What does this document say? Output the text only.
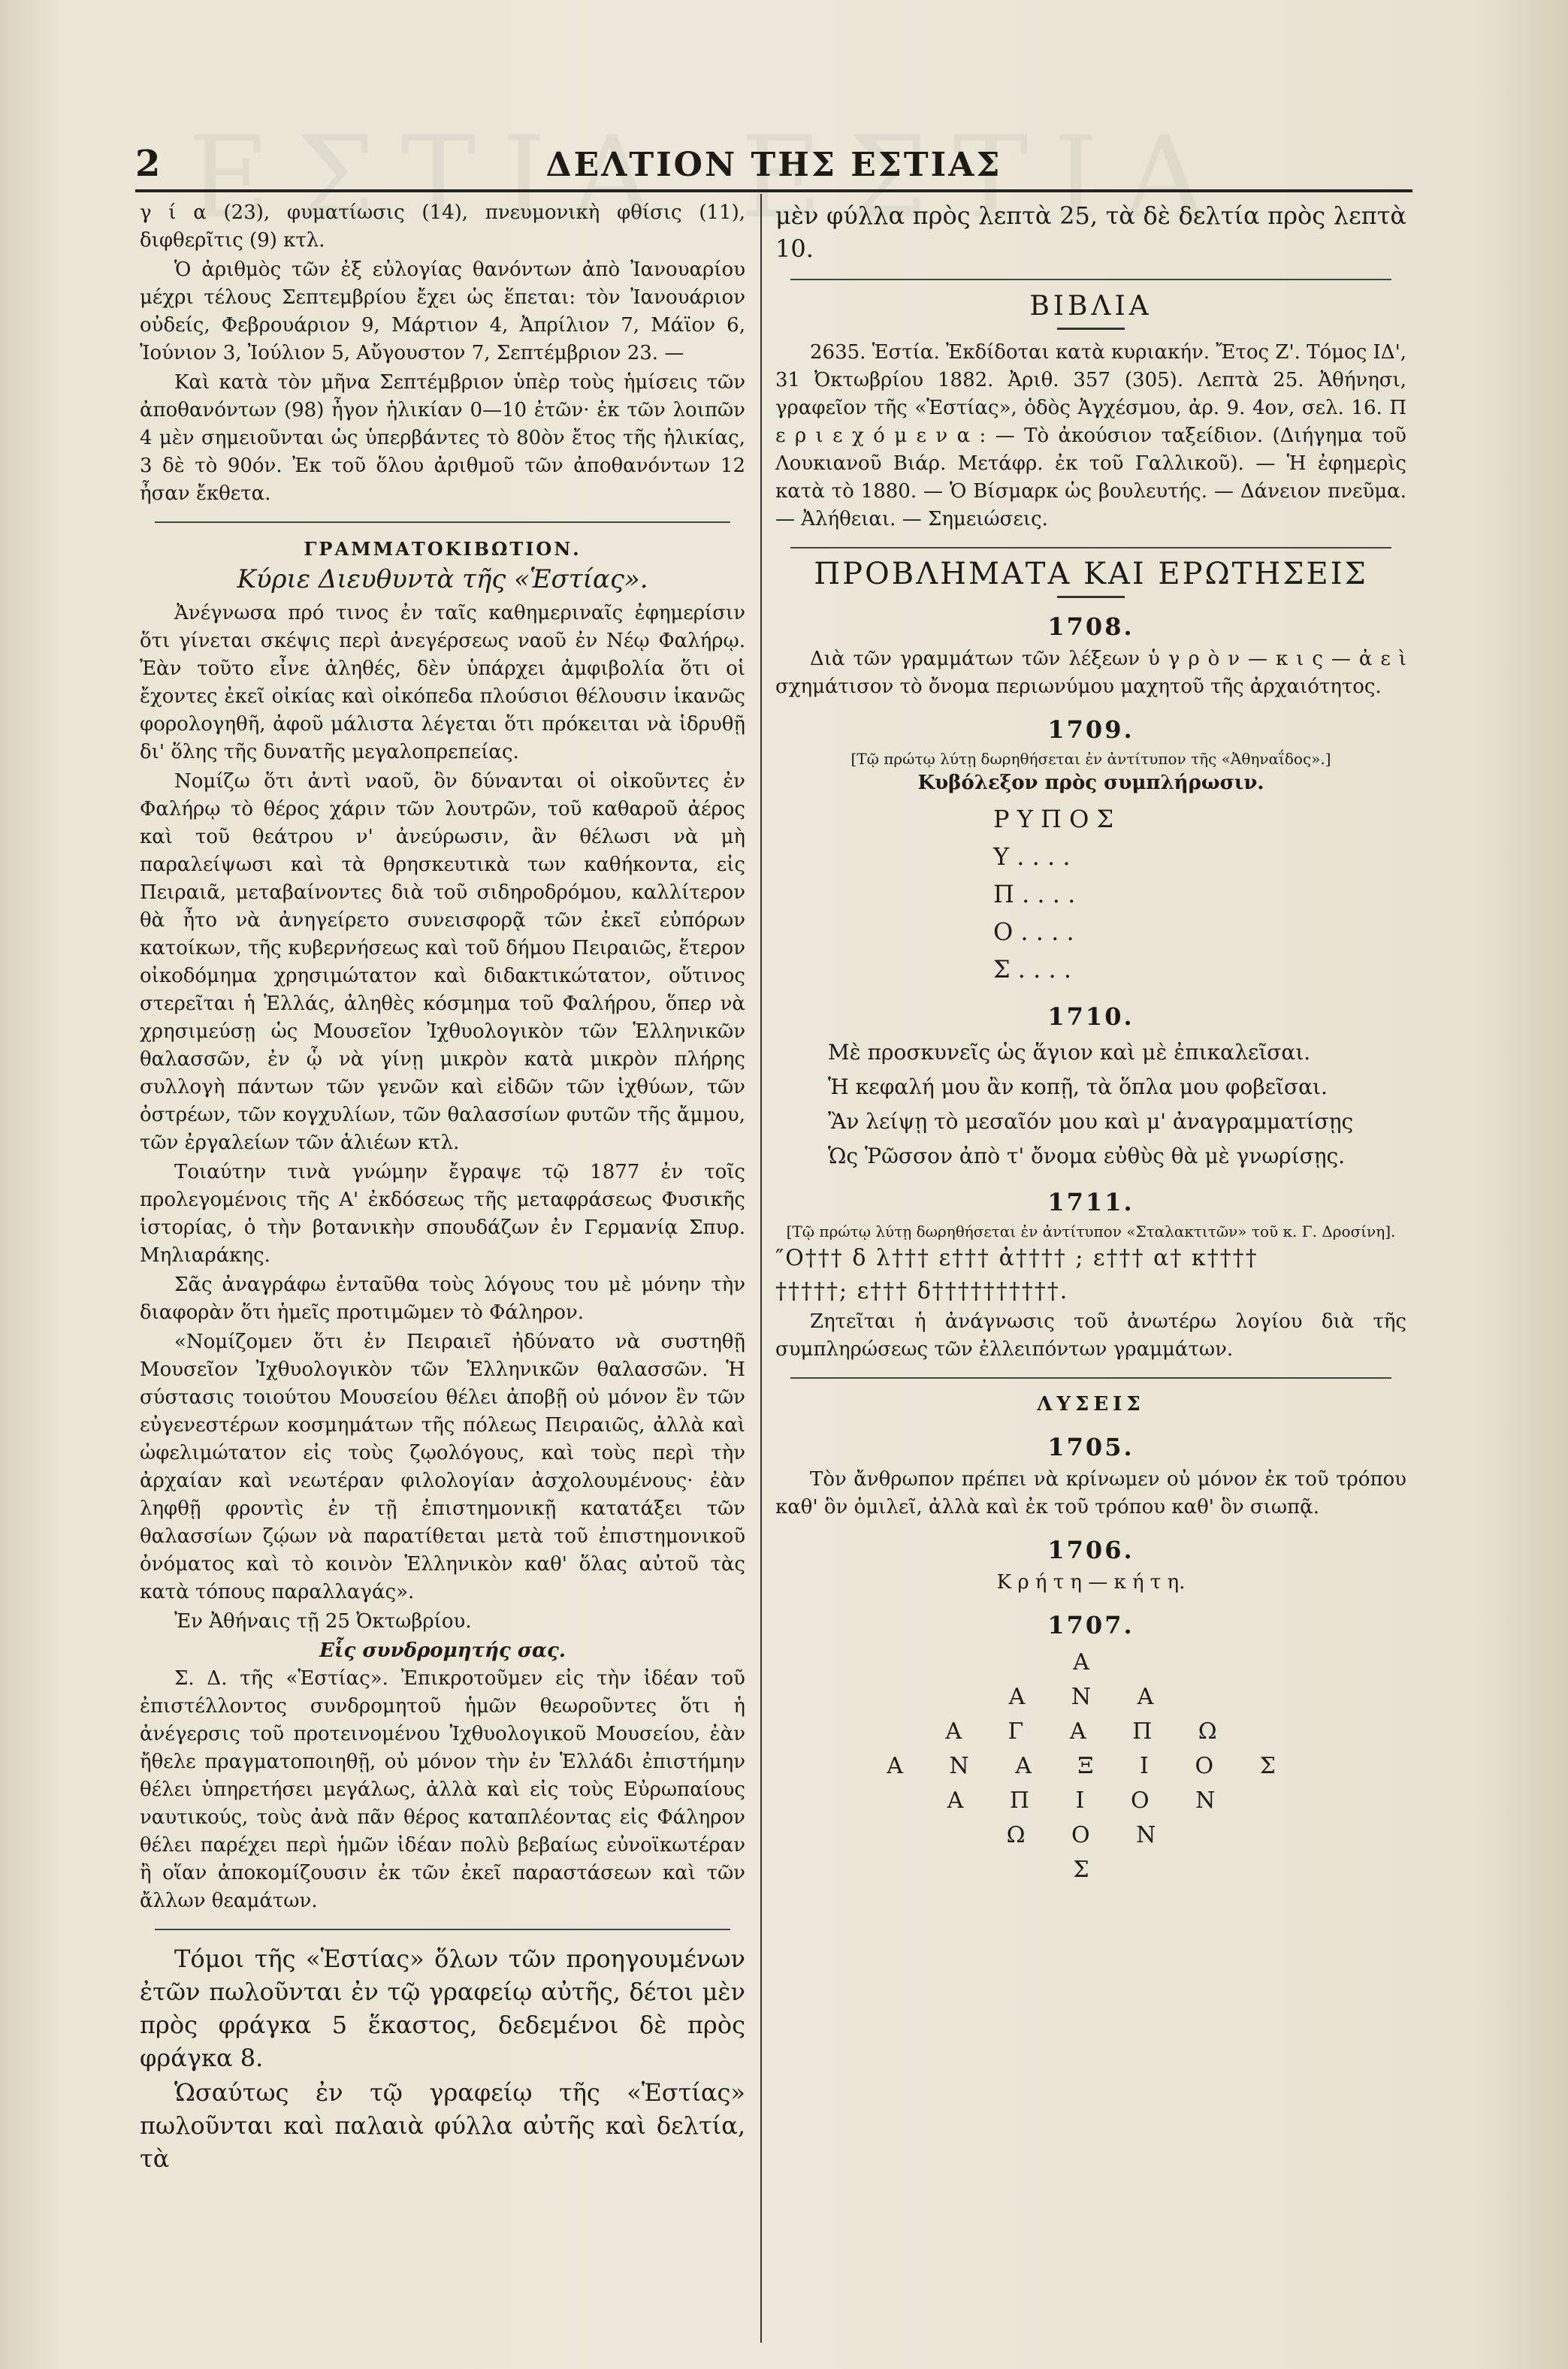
2	ΔΕΛΤΙΟΝ ΤΗΣ ΕΣΤΙΑΣ

γ ί α (23), φυματίωσις (14), πνευμονικὴ φθίσις (11), διφθερῖτις (9) κτλ.

Ὁ ἀριθμὸς τῶν ἐξ εὐλογίας θανόντων ἀπὸ Ἰανουαρίου μέχρι τέλους Σεπτεμβρίου ἔχει ὡς ἕπεται: τὸν Ἰανουάριον οὐδείς, Φεβρουάριον 9, Μάρτιον 4, Ἀπρίλιον 7, Μάϊον 6, Ἰούνιον 3, Ἰούλιον 5, Αὔγουστον 7, Σεπτέμβριον 23. —

Καὶ κατὰ τὸν μῆνα Σεπτέμβριον ὑπὲρ τοὺς ἡμίσεις τῶν ἀποθανόντων (98) ἦγον ἡλικίαν 0—10 ἐτῶν· ἐκ τῶν λοιπῶν 4 μὲν σημειοῦνται ὡς ὑπερβάντες τὸ 80ὸν ἔτος τῆς ἡλικίας, 3 δὲ τὸ 90όν. Ἐκ τοῦ ὅλου ἀριθμοῦ τῶν ἀποθανόντων 12 ἦσαν ἔκθετα.

ΓΡΑΜΜΑΤΟΚΙΒΩΤΙΟΝ.
Κύριε Διευθυντὰ τῆς «Ἑστίας».

Ἀνέγνωσα πρό τινος ἐν ταῖς καθημεριναῖς ἐφημερίσιν ὅτι γίνεται σκέψις περὶ ἀνεγέρσεως ναοῦ ἐν Νέῳ Φαλήρῳ. Ἐὰν τοῦτο εἶνε ἀληθές, δὲν ὑπάρχει ἀμφιβολία ὅτι οἱ ἔχοντες ἐκεῖ οἰκίας καὶ οἰκόπεδα πλούσιοι θέλουσιν ἱκανῶς φορολογηθῆ, ἀφοῦ μάλιστα λέγεται ὅτι πρόκειται νὰ ἱδρυθῇ δι' ὅλης τῆς δυνατῆς μεγαλοπρεπείας.

Νομίζω ὅτι ἀντὶ ναοῦ, ὃν δύνανται οἱ οἰκοῦντες ἐν Φαλήρῳ τὸ θέρος χάριν τῶν λουτρῶν, τοῦ καθαροῦ ἀέρος καὶ τοῦ θεάτρου ν' ἀνεύρωσιν, ἂν θέλωσι νὰ μὴ παραλείψωσι καὶ τὰ θρησκευτικὰ των καθήκοντα, εἰς Πειραιᾶ, μεταβαίνοντες διὰ τοῦ σιδηροδρόμου, καλλίτερον θὰ ἦτο νὰ ἀνηγείρετο συνεισφορᾷ τῶν ἐκεῖ εὐπόρων κατοίκων, τῆς κυβερνήσεως καὶ τοῦ δήμου Πειραιῶς, ἕτερον οἰκοδόμημα χρησιμώτατον καὶ διδακτικώτατον, οὕτινος στερεῖται ἡ Ἑλλάς, ἀληθὲς κόσμημα τοῦ Φαλήρου, ὅπερ νὰ χρησιμεύσῃ ὡς Μουσεῖον Ἰχθυολογικὸν τῶν Ἑλληνικῶν θαλασσῶν, ἐν ᾧ νὰ γίνῃ μικρὸν κατὰ μικρὸν πλήρης συλλογὴ πάντων τῶν γενῶν καὶ εἰδῶν τῶν ἰχθύων, τῶν ὀστρέων, τῶν κογχυλίων, τῶν θαλασσίων φυτῶν τῆς ἄμμου, τῶν ἐργαλείων τῶν ἁλιέων κτλ.

Τοιαύτην τινὰ γνώμην ἔγραψε τῷ 1877 ἐν τοῖς προλεγομένοις τῆς Α' ἐκδόσεως τῆς μεταφράσεως Φυσικῆς ἱστορίας, ὁ τὴν βοτανικὴν σπουδάζων ἐν Γερμανίᾳ Σπυρ. Μηλιαράκης.

Σᾶς ἀναγράφω ἐνταῦθα τοὺς λόγους του μὲ μόνην τὴν διαφορὰν ὅτι ἡμεῖς προτιμῶμεν τὸ Φάληρον.

«Νομίζομεν ὅτι ἐν Πειραιεῖ ἠδύνατο νὰ συστηθῇ Μουσεῖον Ἰχθυολογικὸν τῶν Ἑλληνικῶν θαλασσῶν. Ἡ σύστασις τοιούτου Μουσείου θέλει ἀποβῇ οὐ μόνον ἓν τῶν εὐγενεστέρων κοσμημάτων τῆς πόλεως Πειραιῶς, ἀλλὰ καὶ ὠφελιμώτατον εἰς τοὺς ζῳολόγους, καὶ τοὺς περὶ τὴν ἀρχαίαν καὶ νεωτέραν φιλολογίαν ἀσχολουμένους· ἐὰν ληφθῇ φροντὶς ἐν τῇ ἐπιστημονικῇ κατατάξει τῶν θαλασσίων ζῴων νὰ παρατίθεται μετὰ τοῦ ἐπιστημονικοῦ ὀνόματος καὶ τὸ κοινὸν Ἑλληνικὸν καθ' ὅλας αὐτοῦ τὰς κατὰ τόπους παραλλαγάς».

Ἐν Ἀθήναις τῇ 25 Ὀκτωβρίου.

Εἷς συνδρομητής σας.

Σ. Δ. τῆς «Ἑστίας». Ἐπικροτοῦμεν εἰς τὴν ἰδέαν τοῦ ἐπιστέλλοντος συνδρομητοῦ ἡμῶν θεωροῦντες ὅτι ἡ ἀνέγερσις τοῦ προτεινομένου Ἰχθυολογικοῦ Μουσείου, ἐὰν ἤθελε πραγματοποιηθῇ, οὐ μόνον τὴν ἐν Ἑλλάδι ἐπιστήμην θέλει ὑπηρετήσει μεγάλως, ἀλλὰ καὶ εἰς τοὺς Εὐρωπαίους ναυτικούς, τοὺς ἀνὰ πᾶν θέρος καταπλέοντας εἰς Φάληρον θέλει παρέχει περὶ ἡμῶν ἰδέαν πολὺ βεβαίως εὐνοϊκωτέραν ἢ οἵαν ἀποκομίζουσιν ἐκ τῶν ἐκεῖ παραστάσεων καὶ τῶν ἄλλων θεαμάτων.

Τόμοι τῆς «Ἑστίας» ὅλων τῶν προηγουμένων ἐτῶν πωλοῦνται ἐν τῷ γραφείῳ αὐτῆς, δέτοι μὲν πρὸς φράγκα 5 ἕκαστος, δεδεμένοι δὲ πρὸς φράγκα 8.

Ὡσαύτως ἐν τῷ γραφείῳ τῆς «Ἑστίας» πωλοῦνται καὶ παλαιὰ φύλλα αὐτῆς καὶ δελτία, τὰ

μὲν φύλλα πρὸς λεπτὰ 25, τὰ δὲ δελτία πρὸς λεπτὰ 10.

ΒΙΒΛΙΑ

2635. Ἑστία. Ἐκδίδοται κατὰ κυριακήν. Ἔτος Ζ'. Τόμος ΙΔ', 31 Ὀκτωβρίου 1882. Ἀριθ. 357 (305). Λεπτὰ 25. Ἀθήνησι, γραφεῖον τῆς «Ἑστίας», ὁδὸς Ἀγχέσμου, ἀρ. 9. 4ον, σελ. 16. Π ε ρ ι ε χ ό μ ε ν α : — Τὸ ἀκούσιον ταξείδιον. (Διήγημα τοῦ Λουκιανοῦ Βιάρ. Μετάφρ. ἐκ τοῦ Γαλλικοῦ). — Ἡ ἐφημερὶς κατὰ τὸ 1880. — Ὁ Βίσμαρκ ὡς βουλευτής. — Δάνειον πνεῦμα. — Ἀλήθειαι. — Σημειώσεις.

ΠΡΟΒΛΗΜΑΤΑ ΚΑΙ ΕΡΩΤΗΣΕΙΣ
1708.

Διὰ τῶν γραμμάτων τῶν λέξεων ὑ γ ρ ὸ ν — κ ι ς — ἀ ε ὶ σχημάτισον τὸ ὄνομα περιωνύμου μαχητοῦ τῆς ἀρχαιότητος.

1709.
[Τῷ πρώτῳ λύτῃ δωρηθήσεται ἐν ἀντίτυπον τῆς «Ἀθηναΐδος».]
Κυβόλεξον πρὸς συμπλήρωσιν.
Ρ Υ Π Ο Σ
Υ . . . .
Π . . . .
Ο . . . .
Σ . . . .
1710.
Μὲ προσκυνεῖς ὡς ἅγιον καὶ μὲ ἐπικαλεῖσαι.
Ἡ κεφαλή μου ἂν κοπῇ, τὰ ὅπλα μου φοβεῖσαι.
Ἂν λείψῃ τὸ μεσαῖόν μου καὶ μ' ἀναγραμματίσῃς
Ὡς Ῥῶσσον ἀπὸ τ' ὄνομα εὐθὺς θὰ μὲ γνωρίσῃς.
1711.
[Τῷ πρώτῳ λύτῃ δωρηθήσεται ἐν ἀντίτυπον «Σταλακτιτῶν» τοῦ κ. Γ. Δροσίνη].
″Ο††† δ λ††† ε††† ἀ†††† ; ε††† α† κ††††
†††††; ε††† δ††††††††††.

Ζητεῖται ἡ ἀνάγνωσις τοῦ ἀνωτέρω λογίου διὰ τῆς συμπληρώσεως τῶν ἐλλειπόντων γραμμάτων.

ΛΥΣΕΙΣ
1705.

Τὸν ἄνθρωπον πρέπει νὰ κρίνωμεν οὐ μόνον ἐκ τοῦ τρόπου καθ' ὃν ὁμιλεῖ, ἀλλὰ καὶ ἐκ τοῦ τρόπου καθ' ὃν σιωπᾷ.

1706.
Κ ρ ή τ η — κ ή τ η.
1707.
Α
Α Ν Α
Α Γ Α Π Ω
Α Ν Α Ξ Ι Ο Σ
Α Π Ι Ο Ν
Ω Ο Ν
Σ
